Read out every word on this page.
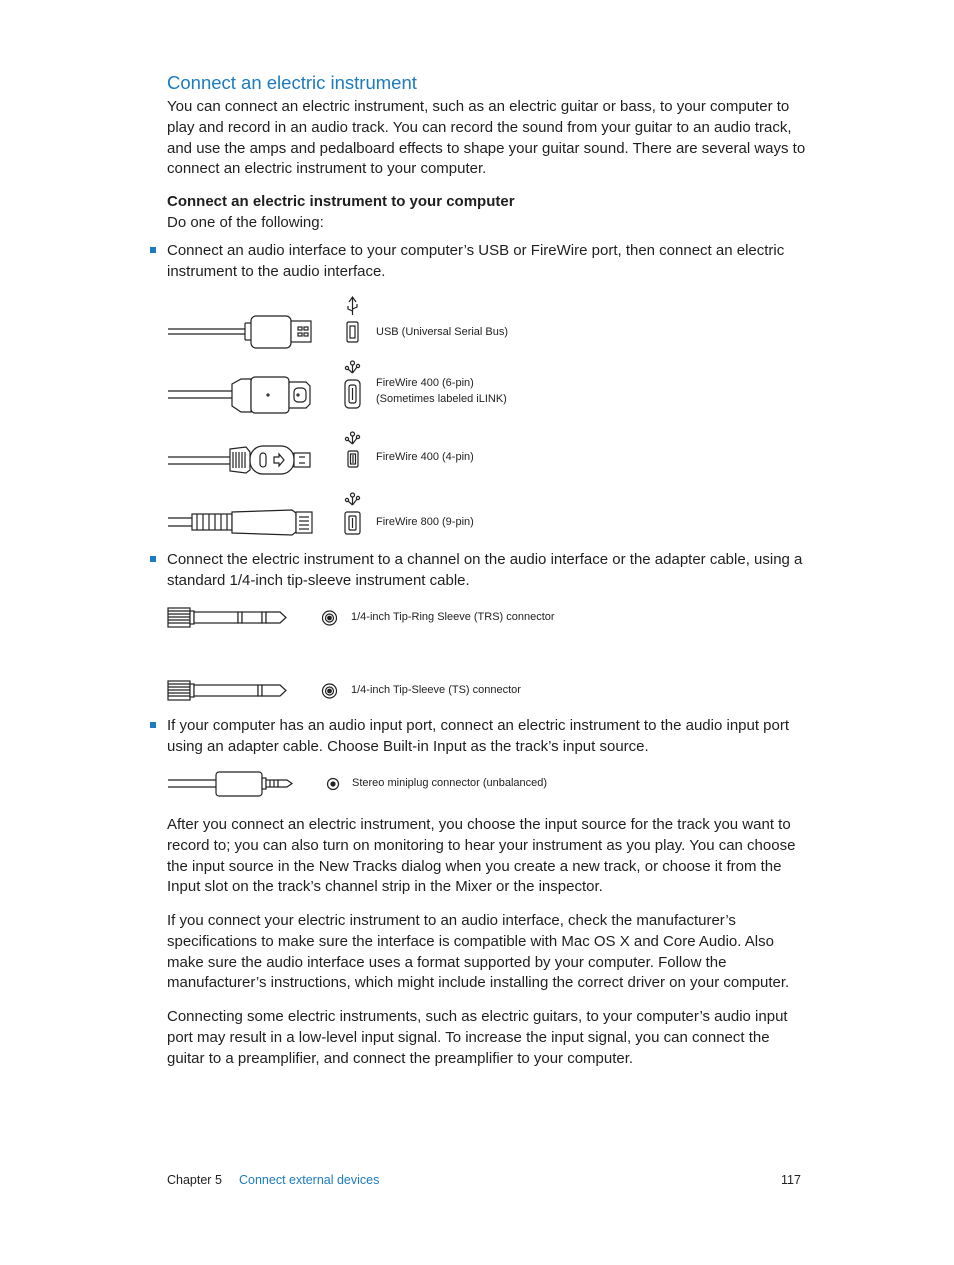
Connect an electric instrument
You can connect an electric instrument, such as an electric guitar or bass, to your computer to play and record in an audio track. You can record the sound from your guitar to an audio track, and use the amps and pedalboard effects to shape your guitar sound. There are several ways to connect an electric instrument to your computer.
Connect an electric instrument to your computer
Do one of the following:
Connect an audio interface to your computer’s USB or FireWire port, then connect an electric instrument to the audio interface.
USB (Universal Serial Bus)
FireWire 400 (6-pin)
(Sometimes labeled iLINK)
FireWire 400 (4-pin)
FireWire 800 (9-pin)
Connect the electric instrument to a channel on the audio interface or the adapter cable, using a standard 1/4-inch tip-sleeve instrument cable.
1/4-inch Tip-Ring Sleeve (TRS) connector
1/4-inch Tip-Sleeve (TS) connector
If your computer has an audio input port, connect an electric instrument to the audio input port using an adapter cable. Choose Built-in Input as the track’s input source.
Stereo miniplug connector (unbalanced)
After you connect an electric instrument, you choose the input source for the track you want to record to; you can also turn on monitoring to hear your instrument as you play. You can choose the input source in the New Tracks dialog when you create a new track, or choose it from the Input slot on the track’s channel strip in the Mixer or the inspector.
If you connect your electric instrument to an audio interface, check the manufacturer’s specifications to make sure the interface is compatible with Mac OS X and Core Audio. Also make sure the audio interface uses a format supported by your computer. Follow the manufacturer’s instructions, which might include installing the correct driver on your computer.
Connecting some electric instruments, such as electric guitars, to your computer’s audio input port may result in a low-level input signal. To increase the input signal, you can connect the guitar to a preamplifier, and connect the preamplifier to your computer.
Chapter 5 Connect external devices	117
